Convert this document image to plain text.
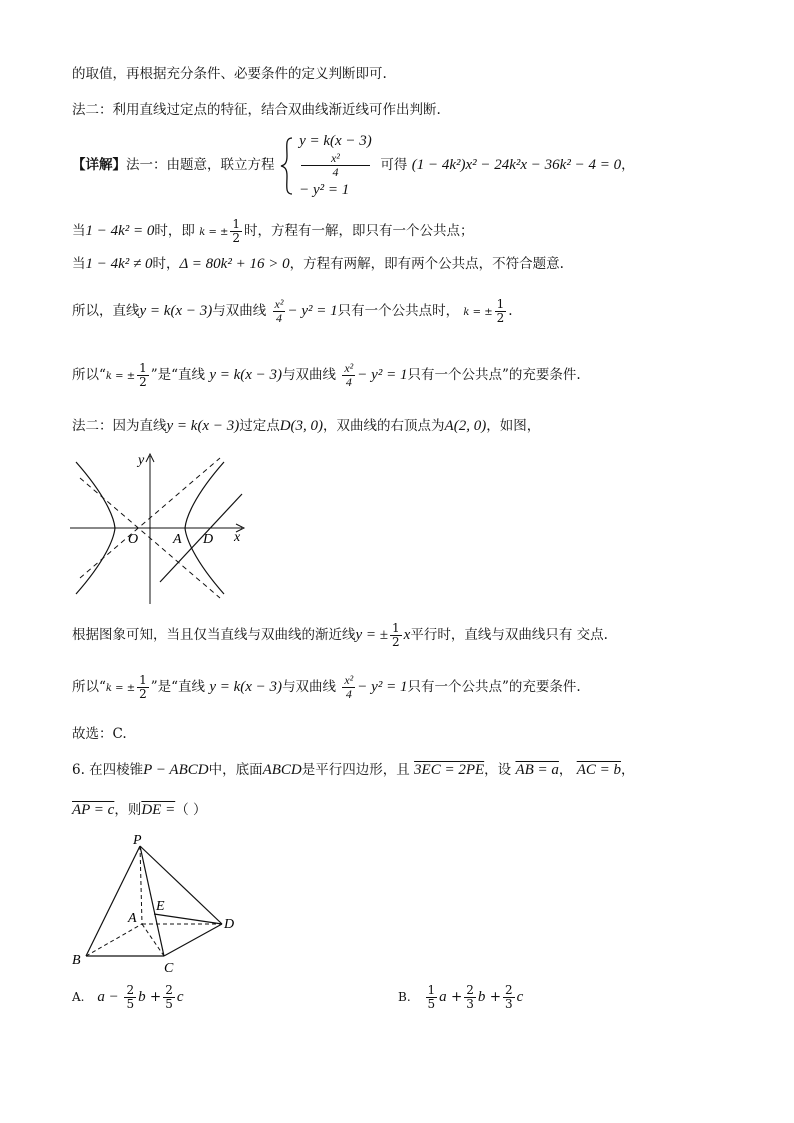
的取值，再根据充分条件、必要条件的定义判断即可.
法二：利用直线过定点的特征，结合双曲线渐近线可作出判断.
【详解】法一：由题意，联立方程
y = k(x − 3)
x²
4
− y² = 1
可得 (1 − 4k²)x² − 24k²x − 36k² − 4 = 0，
当1 − 4k² = 0时，即 k = ± $\frac{1}{2}$ 时，方程有一解，即只有一个公共点；
当1 − 4k² ≠ 0时，Δ = 80k² + 16 > 0，方程有两解，即有两个公共点，不符合题意.
所以，直线y = k(x − 3)与双曲线 $\frac{\text{x²}}{4} - y^2 = 1$只有一个公共点时， k = ± $\frac{1}{2}$ .
所以“k = ± $\frac{1}{2}$ ”是“直线 y = k(x − 3)与双曲线 $\frac{\text{x²}}{4} - y^2 = 1$只有一个公共点”的充要条件.
法二：因为直线y = k(x − 3)过定点D(3, 0)，双曲线的右顶点为A(2, 0)，如图，
O A D x
y
根据图象可知，当且仅当直线与双曲线的渐近线y = ± $\frac{1}{2}$ x平行时，直线与双曲线只有 交点.
所以“k = ± $\frac{1}{2}$ ”是“直线 y = k(x − 3)与双曲线 $\frac{\text{x²}}{4} - y^2 = 1$只有一个公共点”的充要条件.
故选：C.
6. 在四棱锥P − ABCD中，底面ABCD是平行四边形，且 3EC = 2PE，设 AB = a， AC = b，
AP = c，则DE =（ ）
P
A
E
D
B
C
A. $a - \frac{2}{5}$ $b + \frac{2}{5}$ c	B. $\frac{1}{5}$ $a + \frac{2}{3}$ $b + \frac{2}{3}$ c
